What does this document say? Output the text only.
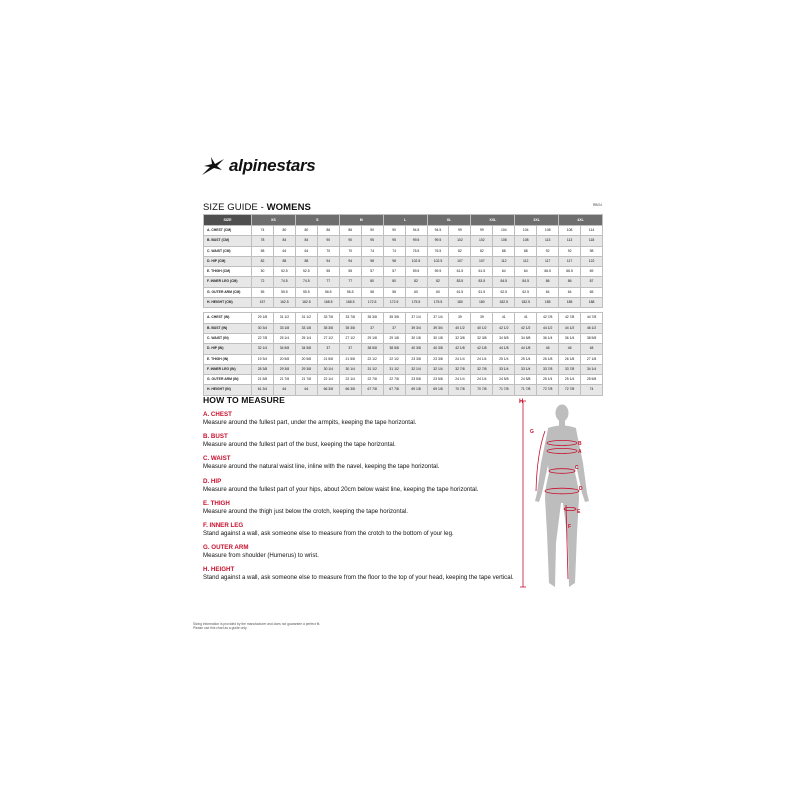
alpinestars
SIZE GUIDE - WOMENS	RB/04
SIZE	XS		S		M		L		XL		XXL		3XL		4XL	
A. CHEST (CM)	74	80	80	86	86	90	90	94.5	94.5	99	99	104	104	108	108	114
B. BUST (CM)	78	84	84	90	90	95	95	99.5	99.5	102	102	108	108	113	113	118
C. WAIST (CM)	58	64	64	70	70	74	74	76.5	76.5	82	82	88	88	92	92	98
D. HIP (CM)	82	88	88	94	94	98	98	102.5	102.5	107	107	112	112	117	117	122
E. THIGH (CM)	50	52.5	52.5	55	55	57	57	59.5	59.5	61.5	61.5	64	64	66.5	66.5	69
F. INNER LEG (CM)	72	74.5	74.5	77	77	80	80	82	82	83.5	83.5	84.5	84.5	86	86	87
G. OUTER ARM (CM)	55	55.5	55.5	56.5	56.5	58	58	60	60	61.5	61.5	62.5	62.5	64	64	65
H. HEIGHT (CM)	157	162.5	162.5	168.5	168.5	172.5	172.5	175.5	175.5	180	180	182.5	182.5	185	185	188

A. CHEST (IN)	29 1/8	31 1/2	31 1/2	33 7/8	33 7/8	35 3/8	35 3/8	37 1/4	37 1/4	39	39	41	41	42 7/8	42 7/8	44 7/8
B. BUST (IN)	30 3/4	33 1/8	33 1/8	35 3/8	35 3/8	37	37	39 3/4	39 3/4	40 1/2	40 1/2	42 1/2	42 1/2	44 1/2	44 1/2	46 1/2
C. WAIST (IN)	22 7/8	25 1/4	25 1/4	27 1/2	27 1/2	29 1/8	29 1/8	30 1/8	30 1/8	32 3/8	32 3/8	34 5/8	34 5/8	36 1/4	36 1/4	38 5/8
D. HIP (IN)	32 1/4	34 5/8	34 5/8	37	37	38 5/8	38 5/8	40 3/8	40 3/8	42 1/8	42 1/8	44 1/8	44 1/8	46	46	48
E. THIGH (IN)	19 3/4	20 5/8	20 5/8	21 5/8	21 5/8	22 1/2	22 1/2	23 3/8	23 3/8	24 1/4	24 1/4	25 1/4	25 1/4	26 1/8	26 1/8	27 1/8
F. INNER LEG (IN)	28 3/8	29 3/8	29 3/8	30 1/4	30 1/4	31 1/2	31 1/2	32 1/4	32 1/4	32 7/8	32 7/8	33 1/4	33 1/4	33 7/8	33 7/8	34 1/4
G. OUTER ARM (IN)	21 5/8	21 7/8	21 7/8	22 1/4	22 1/4	22 7/8	22 7/8	23 5/8	23 5/8	24 1/4	24 1/4	24 5/8	24 5/8	25 1/4	25 1/4	25 5/8
H. HEIGHT (IN)	61 3/4	64	64	66 3/8	66 3/8	67 7/8	67 7/8	69 1/8	69 1/8	70 7/8	70 7/8	71 7/8	71 7/8	72 7/8	72 7/8	74
HOW TO MEASURE
A. CHEST
Measure around the fullest part, under the armpits, keeping the tape horizontal.
B. BUST
Measure around the fullest part of the bust, keeping the tape horizontal.
C. WAIST
Measure around the natural waist line, inline with the navel, keeping the tape horizontal.
D. HIP
Measure around the fullest part of your hips, about 20cm below waist line, keeping the tape horizontal.
E. THIGH
Measure around the thigh just below the crotch, keeping the tape horizontal.
F. INNER LEG
Stand against a wall, ask someone else to measure from the crotch to the bottom of your leg.
G. OUTER ARM
Measure from shoulder (Humerus) to wrist.
H. HEIGHT
Stand against a wall, ask someone else to measure from the floor to the top of your head, keeping the tape vertical.
H
G
B
A
C
D
E
F
Sizing information is provided by the manufacturer and does not guarantee a perfect fit.
Please use this chart as a guide only.
